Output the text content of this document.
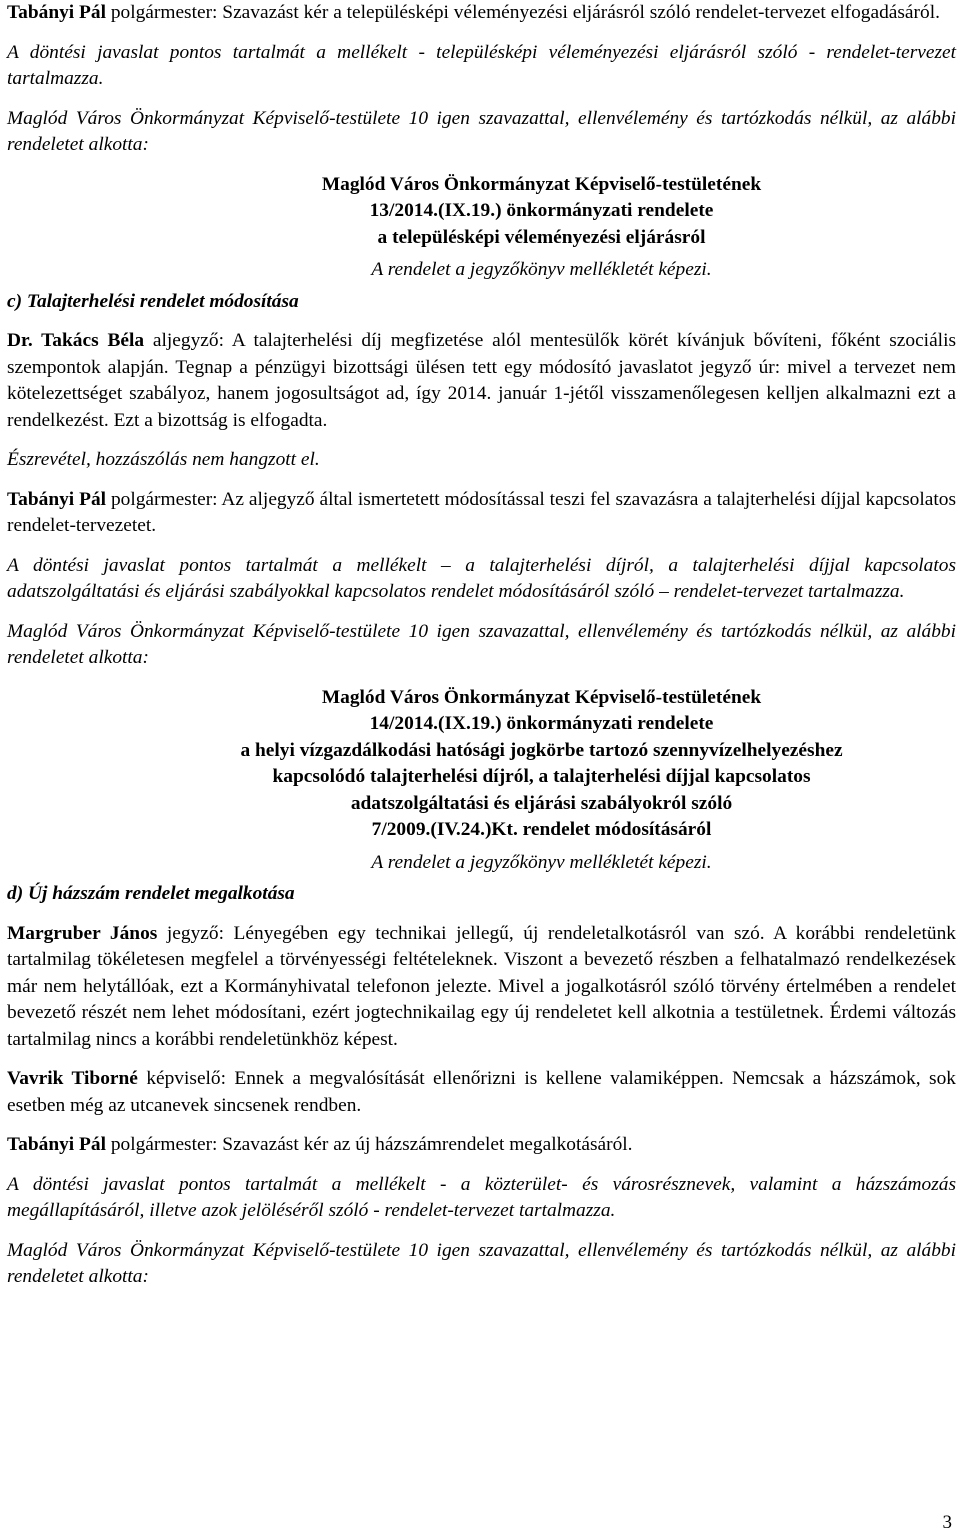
Tabányi Pál polgármester: Szavazást kér a településképi véleményezési eljárásról szóló rendelet-tervezet elfogadásáról.

A döntési javaslat pontos tartalmát a mellékelt - településképi véleményezési eljárásról szóló - rendelet-tervezet tartalmazza.

Maglód Város Önkormányzat Képviselő-testülete 10 igen szavazattal, ellenvélemény és tartózkodás nélkül, az alábbi rendeletet alkotta:

Maglód Város Önkormányzat Képviselő-testületének
13/2014.(IX.19.) önkormányzati rendelete
a településképi véleményezési eljárásról
A rendelet a jegyzőkönyv mellékletét képezi.
c) Talajterhelési rendelet módosítása

Dr. Takács Béla aljegyző: A talajterhelési díj megfizetése alól mentesülők körét kívánjuk bővíteni, főként szociális szempontok alapján. Tegnap a pénzügyi bizottsági ülésen tett egy módosító javaslatot jegyző úr: mivel a tervezet nem kötelezettséget szabályoz, hanem jogosultságot ad, így 2014. január 1-jétől visszamenőlegesen kelljen alkalmazni ezt a rendelkezést. Ezt a bizottság is elfogadta.

Észrevétel, hozzászólás nem hangzott el.

Tabányi Pál polgármester: Az aljegyző által ismertetett módosítással teszi fel szavazásra a talajterhelési díjjal kapcsolatos rendelet-tervezetet.

A döntési javaslat pontos tartalmát a mellékelt – a talajterhelési díjról, a talajterhelési díjjal kapcsolatos adatszolgáltatási és eljárási szabályokkal kapcsolatos rendelet módosításáról szóló – rendelet-tervezet tartalmazza.

Maglód Város Önkormányzat Képviselő-testülete 10 igen szavazattal, ellenvélemény és tartózkodás nélkül, az alábbi rendeletet alkotta:

Maglód Város Önkormányzat Képviselő-testületének
14/2014.(IX.19.) önkormányzati rendelete
a helyi vízgazdálkodási hatósági jogkörbe tartozó szennyvízelhelyezéshez
kapcsolódó talajterhelési díjról, a talajterhelési díjjal kapcsolatos
adatszolgáltatási és eljárási szabályokról szóló
7/2009.(IV.24.)Kt. rendelet módosításáról
A rendelet a jegyzőkönyv mellékletét képezi.
d) Új házszám rendelet megalkotása

Margruber János jegyző: Lényegében egy technikai jellegű, új rendeletalkotásról van szó. A korábbi rendeletünk tartalmilag tökéletesen megfelel a törvényességi feltételeknek. Viszont a bevezető részben a felhatalmazó rendelkezések már nem helytállóak, ezt a Kormányhivatal telefonon jelezte. Mivel a jogalkotásról szóló törvény értelmében a rendelet bevezető részét nem lehet módosítani, ezért jogtechnikailag egy új rendeletet kell alkotnia a testületnek. Érdemi változás tartalmilag nincs a korábbi rendeletünkhöz képest.

Vavrik Tiborné képviselő: Ennek a megvalósítását ellenőrizni is kellene valamiképpen. Nemcsak a házszámok, sok esetben még az utcanevek sincsenek rendben.

Tabányi Pál polgármester: Szavazást kér az új házszámrendelet megalkotásáról.

A döntési javaslat pontos tartalmát a mellékelt - a közterület- és városrésznevek, valamint a házszámozás megállapításáról, illetve azok jelöléséről szóló - rendelet-tervezet tartalmazza.

Maglód Város Önkormányzat Képviselő-testülete 10 igen szavazattal, ellenvélemény és tartózkodás nélkül, az alábbi rendeletet alkotta:

3
